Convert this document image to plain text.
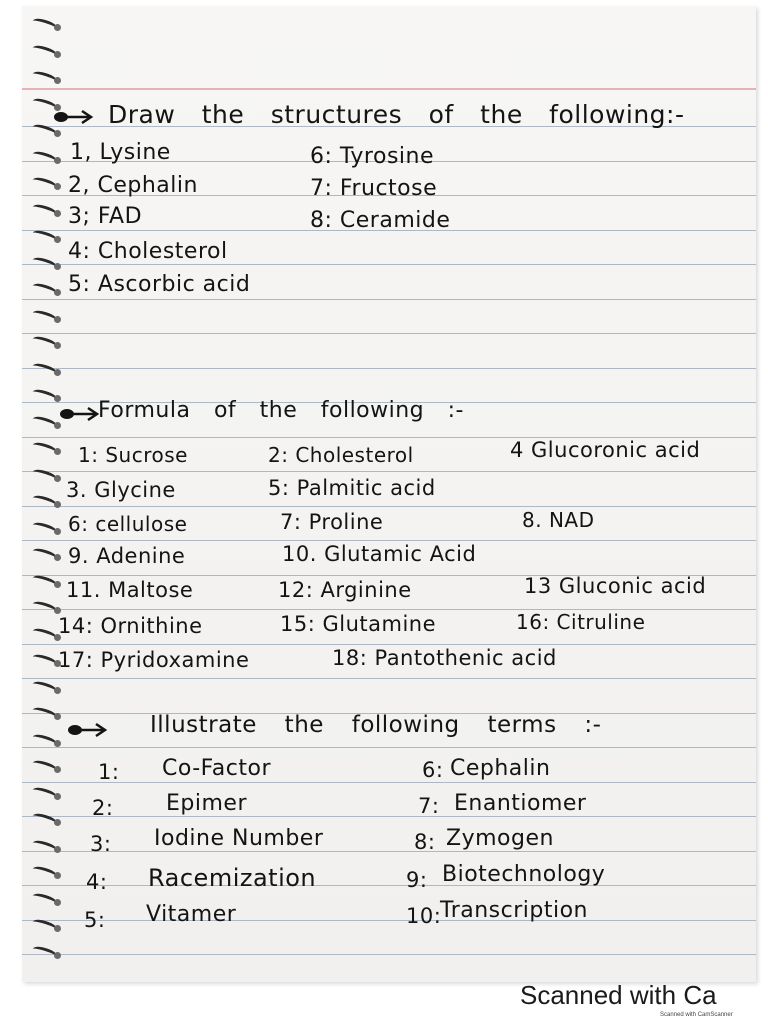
Draw the structures of the following:-
1, Lysine
2, Cephalin
3; FAD
4: Cholesterol
5: Ascorbic acid
6: Tyrosine
7: Fructose
8: Ceramide
Formula of the following :-
1: Sucrose	2: Cholesterol	4 Glucoronic acid
3. Glycine	5: Palmitic acid
6: cellulose	7: Proline	8. NAD
9. Adenine	10. Glutamic Acid
11. Maltose	12: Arginine	13 Gluconic acid
14: Ornithine	15: Glutamine	16: Citruline
17: Pyridoxamine	18: Pantothenic acid
Illustrate the following terms :-
1: Co-Factor
2: Epimer
3: Iodine Number
4: Racemization
5: Vitamer
6: Cephalin
7: Enantiomer
8: Zymogen
9: Biotechnology
10:
Transcription
Scanned with Ca
Scanned with CamScanner
